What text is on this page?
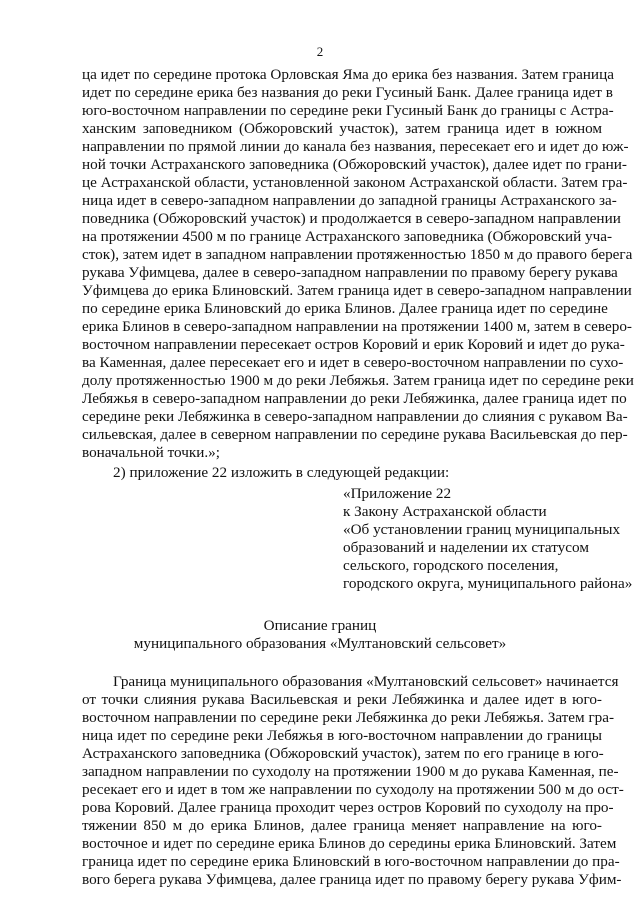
2
ца идет по середине протока Орловская Яма до ерика без названия. Затем граница
идет по середине ерика без названия до реки Гусиный Банк. Далее граница идет в
юго-восточном направлении по середине реки Гусиный Банк до границы с Астра-
ханским заповедником (Обжоровский участок), затем граница идет в южном
направлении по прямой линии до канала без названия, пересекает его и идет до юж-
ной точки Астраханского заповедника (Обжоровский участок), далее идет по грани-
це Астраханской области, установленной законом Астраханской области. Затем гра-
ница идет в северо-западном направлении до западной границы Астраханского за-
поведника (Обжоровский участок) и продолжается в северо-западном направлении
на протяжении 4500 м по границе Астраханского заповедника (Обжоровский уча-
сток), затем идет в западном направлении протяженностью 1850 м до правого берега
рукава Уфимцева, далее в северо-западном направлении по правому берегу рукава
Уфимцева до ерика Блиновский. Затем граница идет в северо-западном направлении
по середине ерика Блиновский до ерика Блинов. Далее граница идет по середине
ерика Блинов в северо-западном направлении на протяжении 1400 м, затем в северо-
восточном направлении пересекает остров Коровий и ерик Коровий и идет до рука-
ва Каменная, далее пересекает его и идет в северо-восточном направлении по сухо-
долу протяженностью 1900 м до реки Лебяжья. Затем граница идет по середине реки
Лебяжья в северо-западном направлении до реки Лебяжинка, далее граница идет по
середине реки Лебяжинка в северо-западном направлении до слияния с рукавом Ва-
сильевская, далее в северном направлении по середине рукава Васильевская до пер-
воначальной точки.»;
2) приложение 22 изложить в следующей редакции:
«Приложение 22
к Закону Астраханской области
«Об установлении границ муниципальных
образований и наделении их статусом
сельского, городского поселения,
городского округа, муниципального района»
Описание границ
муниципального образования «Мултановский сельсовет»
Граница муниципального образования «Мултановский сельсовет» начинается
от точки слияния рукава Васильевская и реки Лебяжинка и далее идет в юго-
восточном направлении по середине реки Лебяжинка до реки Лебяжья. Затем гра-
ница идет по середине реки Лебяжья в юго-восточном направлении до границы
Астраханского заповедника (Обжоровский участок), затем по его границе в юго-
западном направлении по суходолу на протяжении 1900 м до рукава Каменная, пе-
ресекает его и идет в том же направлении по суходолу на протяжении 500 м до ост-
рова Коровий. Далее граница проходит через остров Коровий по суходолу на про-
тяжении 850 м до ерика Блинов, далее граница меняет направление на юго-
восточное и идет по середине ерика Блинов до середины ерика Блиновский. Затем
граница идет по середине ерика Блиновский в юго-восточном направлении до пра-
вого берега рукава Уфимцева, далее граница идет по правому берегу рукава Уфим-
